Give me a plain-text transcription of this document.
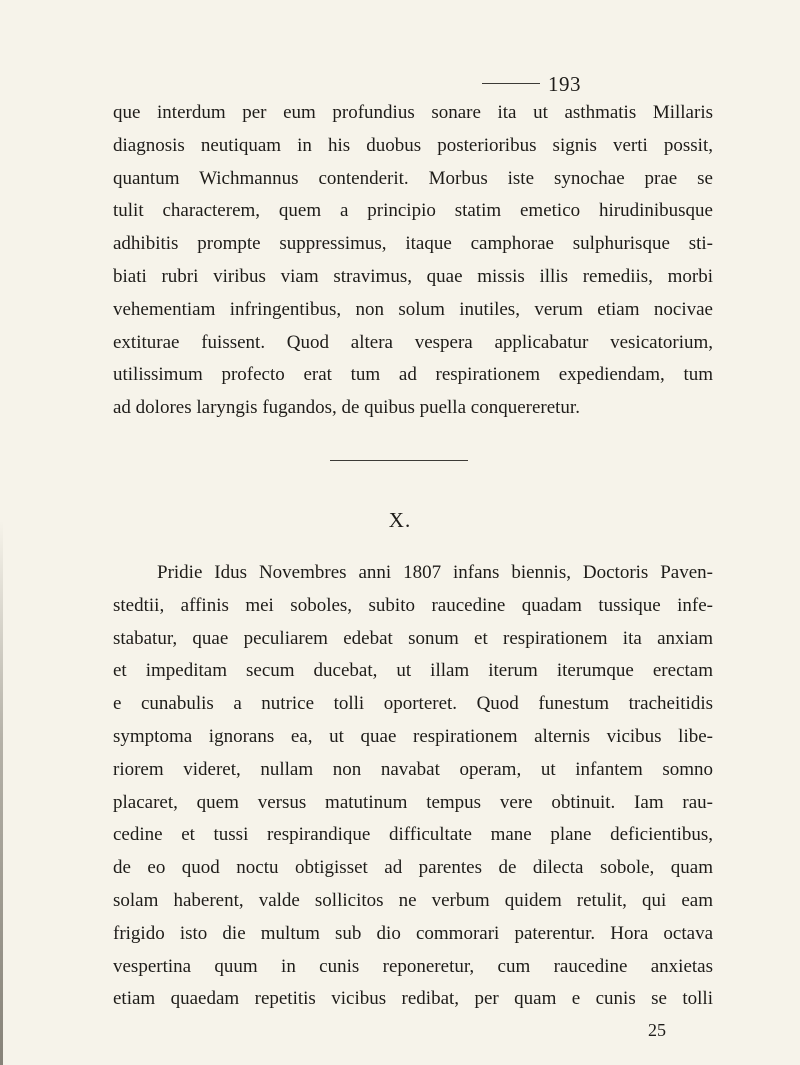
193
que interdum per eum profundius sonare ita ut asthmatis Millaris
diagnosis neutiquam in his duobus posterioribus signis verti possit,
quantum Wichmannus contenderit. Morbus iste synochae prae se
tulit characterem, quem a principio statim emetico hirudinibusque
adhibitis prompte suppressimus, itaque camphorae sulphurisque sti-
biati rubri viribus viam stravimus, quae missis illis remediis, morbi
vehementiam infringentibus, non solum inutiles, verum etiam nocivae
extiturae fuissent. Quod altera vespera applicabatur vesicatorium,
utilissimum profecto erat tum ad respirationem expediendam, tum
ad dolores laryngis fugandos, de quibus puella conquereretur.
X.
Pridie Idus Novembres anni 1807 infans biennis, Doctoris Paven-
stedtii, affinis mei soboles, subito raucedine quadam tussique infe-
stabatur, quae peculiarem edebat sonum et respirationem ita anxiam
et impeditam secum ducebat, ut illam iterum iterumque erectam
e cunabulis a nutrice tolli oporteret. Quod funestum tracheitidis
symptoma ignorans ea, ut quae respirationem alternis vicibus libe-
riorem videret, nullam non navabat operam, ut infantem somno
placaret, quem versus matutinum tempus vere obtinuit. Iam rau-
cedine et tussi respirandique difficultate mane plane deficientibus,
de eo quod noctu obtigisset ad parentes de dilecta sobole, quam
solam haberent, valde sollicitos ne verbum quidem retulit, qui eam
frigido isto die multum sub dio commorari paterentur. Hora octava
vespertina quum in cunis reponeretur, cum raucedine anxietas
etiam quaedam repetitis vicibus redibat, per quam e cunis se tolli
25
